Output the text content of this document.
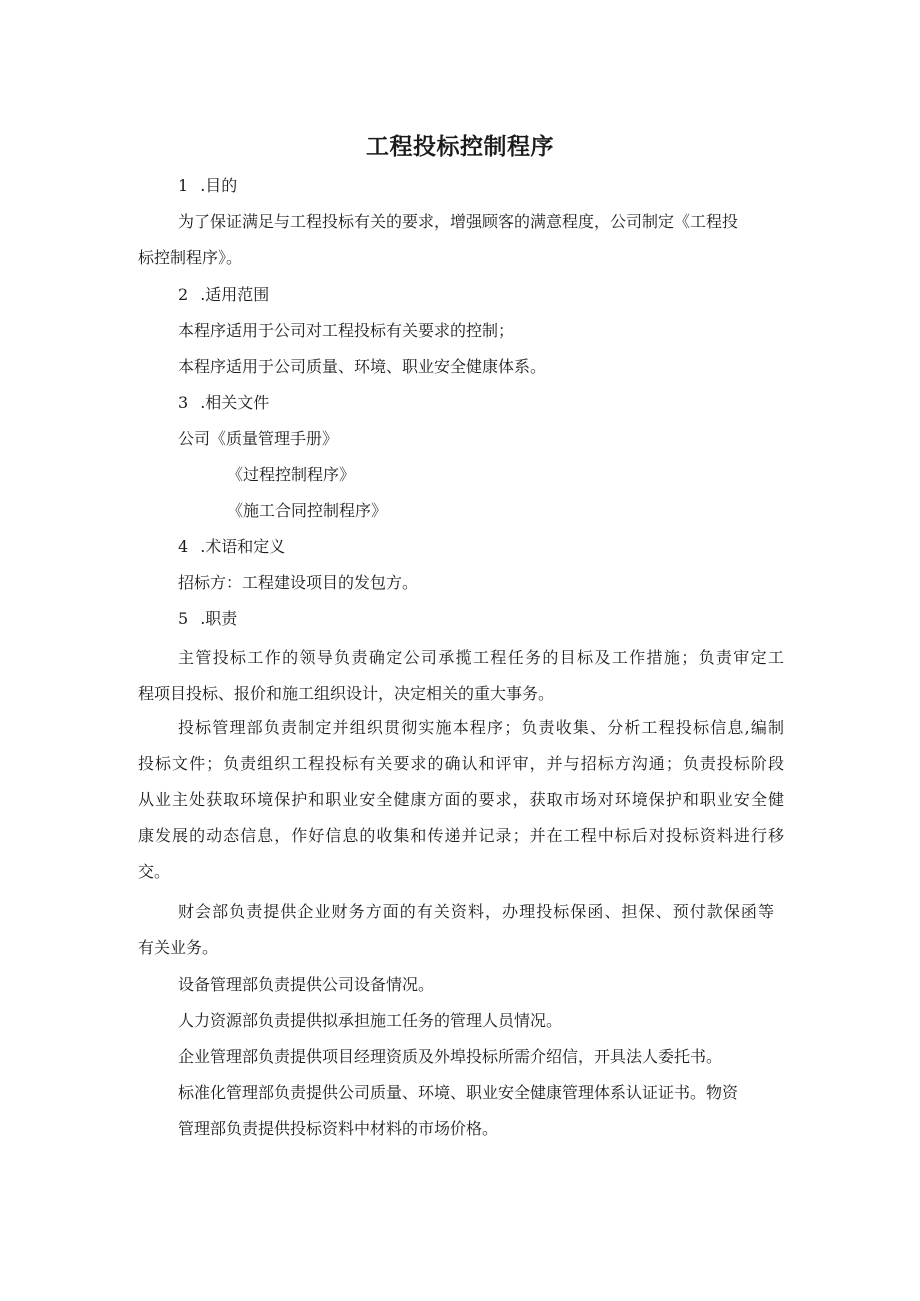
工程投标控制程序

1 .目的

为了保证满足与工程投标有关的要求，增强顾客的满意程度，公司制定《工程投

标控制程序》。

2 .适用范围

本程序适用于公司对工程投标有关要求的控制；

本程序适用于公司质量、环境、职业安全健康体系。

3 .相关文件

公司《质量管理手册》

《过程控制程序》

《施工合同控制程序》

4 .术语和定义

招标方：工程建设项目的发包方。

5 .职责

主管投标工作的领导负责确定公司承揽工程任务的目标及工作措施；负责审定工

程项目投标、报价和施工组织设计，决定相关的重大事务。

投标管理部负责制定并组织贯彻实施本程序；负责收集、分析工程投标信息,编制

投标文件；负责组织工程投标有关要求的确认和评审，并与招标方沟通；负责投标阶段

从业主处获取环境保护和职业安全健康方面的要求，获取市场对环境保护和职业安全健

康发展的动态信息，作好信息的收集和传递并记录；并在工程中标后对投标资料进行移

交。

财会部负责提供企业财务方面的有关资料，办理投标保函、担保、预付款保函等

有关业务。

设备管理部负责提供公司设备情况。

人力资源部负责提供拟承担施工任务的管理人员情况。

企业管理部负责提供项目经理资质及外埠投标所需介绍信，开具法人委托书。

标准化管理部负责提供公司质量、环境、职业安全健康管理体系认证证书。物资

管理部负责提供投标资料中材料的市场价格。
